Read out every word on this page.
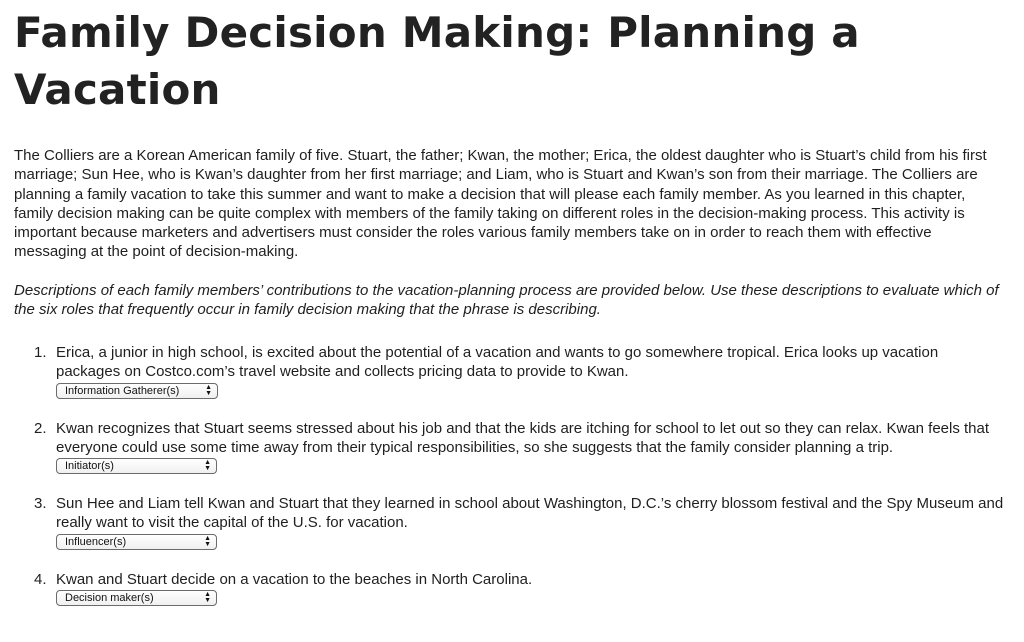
Family Decision Making: Planning a Vacation

The Colliers are a Korean American family of five. Stuart, the father; Kwan, the mother; Erica, the oldest daughter who is Stuart’s child from his first marriage; Sun Hee, who is Kwan’s daughter from her first marriage; and Liam, who is Stuart and Kwan’s son from their marriage. The Colliers are planning a family vacation to take this summer and want to make a decision that will please each family member. As you learned in this chapter, family decision making can be quite complex with members of the family taking on different roles in the decision-making process. This activity is important because marketers and advertisers must consider the roles various family members take on in order to reach them with effective messaging at the point of decision-making.

Descriptions of each family members’ contributions to the vacation-planning process are provided below. Use these descriptions to evaluate which of the six roles that frequently occur in family decision making that the phrase is describing.

1. Erica, a junior in high school, is excited about the potential of a vacation and wants to go somewhere tropical. Erica looks up vacation packages on Costco.com’s travel website and collects pricing data to provide to Kwan.
Information Gatherer(s)	▲
▼
2. Kwan recognizes that Stuart seems stressed about his job and that the kids are itching for school to let out so they can relax. Kwan feels that everyone could use some time away from their typical responsibilities, so she suggests that the family consider planning a trip.
Initiator(s)	▲
▼
3. Sun Hee and Liam tell Kwan and Stuart that they learned in school about Washington, D.C.’s cherry blossom festival and the Spy Museum and really want to visit the capital of the U.S. for vacation.
Influencer(s)	▲
▼
4. Kwan and Stuart decide on a vacation to the beaches in North Carolina.
Decision maker(s)	▲
▼
